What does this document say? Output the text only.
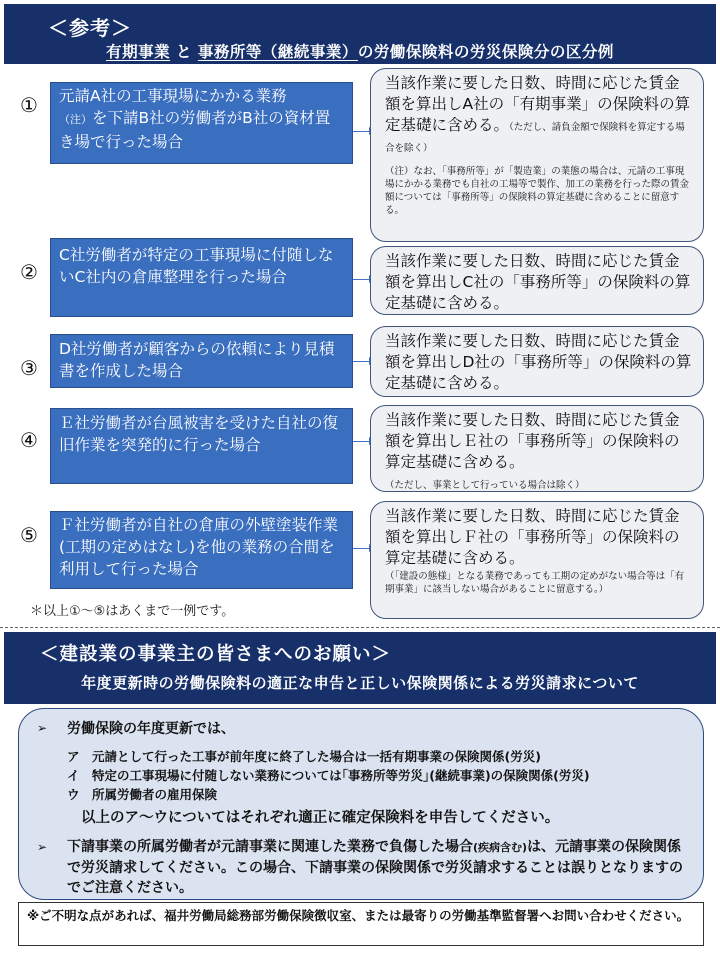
＜参考＞
有期事業 と 事務所等（継続事業）の労働保険料の労災保険分の区分例
①	元請A社の工事現場にかかる業務
（注）を下請B社の労働者がB社の資材置き場で行った場合
当該作業に要した日数、時間に応じた賃金額を算出しA社の「有期事業」の保険料の算定基礎に含める。（ただし、請負金額で保険料を算定する場合を除く）
（注）なお、「事務所等」が「製造業」の業態の場合は、元請の工事現場にかかる業務でも自社の工場等で製作、加工の業務を行った際の賃金額については「事務所等」の保険料の算定基礎に含めることに留意する。
②
C社労働者が特定の工事現場に付随しないC社内の倉庫整理を行った場合
当該作業に要した日数、時間に応じた賃金額を算出しC社の「事務所等」の保険料の算定基礎に含める。
③
D社労働者が顧客からの依頼により見積書を作成した場合
当該作業に要した日数、時間に応じた賃金額を算出しD社の「事務所等」の保険料の算定基礎に含める。
④
Ｅ社労働者が台風被害を受けた自社の復旧作業を突発的に行った場合
当該作業に要した日数、時間に応じた賃金額を算出しＥ社の「事務所等」の保険料の算定基礎に含める。
（ただし、事業として行っている場合は除く）
⑤	Ｆ社労働者が自社の倉庫の外壁塗装作業(工期の定めはなし)を他の業務の合間を利用して行った場合
当該作業に要した日数、時間に応じた賃金額を算出しＦ社の「事務所等」の保険料の算定基礎に含める。
（「建設の態様」となる業務であっても工期の定めがない場合等は「有期事業」に該当しない場合があることに留意する。）
＊以上①～⑤はあくまで一例です。
＜建設業の事業主の皆さまへのお願い＞
年度更新時の労働保険料の適正な申告と正しい保険関係による労災請求について
➢ 労働保険の年度更新では、
ア　元請として行った工事が前年度に終了した場合は一括有期事業の保険関係(労災)
イ　特定の工事現場に付随しない業務については｢事務所等労災｣(継続事業)の保険関係(労災)
ウ　所属労働者の雇用保険
以上のア～ウについてはそれぞれ適正に確定保険料を申告してください。
➢ 下請事業の所属労働者が元請事業に関連した業務で負傷した場合(疾病含む)は、元請事業の保険関係で労災請求してください。この場合、下請事業の保険関係で労災請求することは誤りとなりますのでご注意ください。
※ご不明な点があれば、福井労働局総務部労働保険徴収室、または最寄りの労働基準監督署へお問い合わせください。
